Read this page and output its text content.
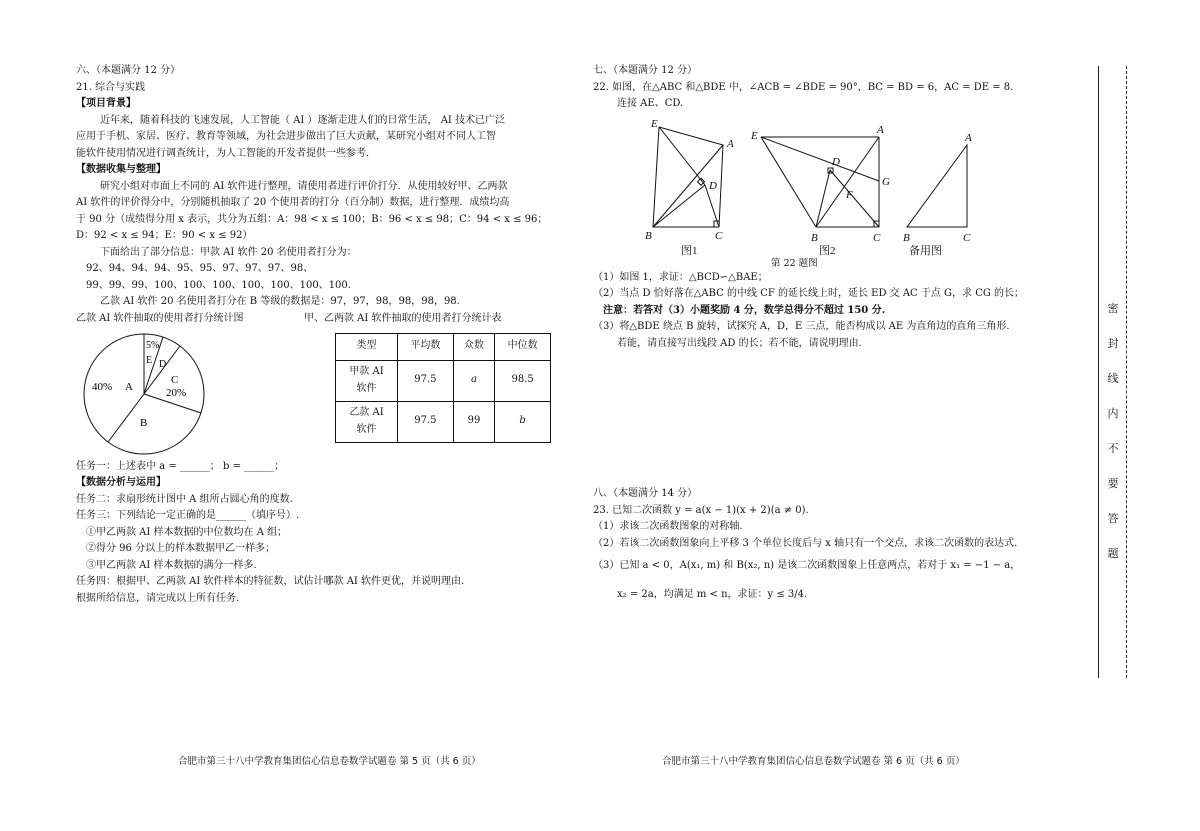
六、（本题满分 12 分）
21. 综合与实践
【项目背景】
近年来，随着科技的飞速发展，人工智能（ AI ）逐渐走进人们的日常生活， AI 技术已广泛
应用于手机、家居、医疗、教育等领域，为社会进步做出了巨大贡献，某研究小组对不同人工智
能软件使用情况进行调查统计，为人工智能的开发者提供一些参考.
【数据收集与整理】
研究小组对市面上不同的 AI 软件进行整理，请使用者进行评价打分．从使用较好甲、乙两款
AI 软件的评价得分中，分别随机抽取了 20 个使用者的打分（百分制）数据，进行整理．成绩均高
于 90 分（成绩得分用 x 表示，共分为五组：A：98 < x ≤ 100；B：96 < x ≤ 98；C：94 < x ≤ 96；
D：92 < x ≤ 94；E：90 < x ≤ 92）
下面给出了部分信息：甲款 AI 软件 20 名使用者打分为：
92、94、94、94、95、95、97、97、97、98、
99、99、99、100、100、100、100、100、100、100.
乙款 AI 软件 20 名使用者打分在 B 等级的数据是：97，97，98，98，98，98.
乙款 AI 软件抽取的使用者打分统计图	甲、乙两款 AI 软件抽取的使用者打分统计表
40% A
B
C
20%
D
E
5%	类型	平均数	众数	中位数
甲款 AI
软件	97.5	a	98.5
乙款 AI
软件	97.5	99	b
任务一：上述表中 a = ______； b = ______；
【数据分析与运用】
任务二：求扇形统计图中 A 组所占圆心角的度数.
任务三：下列结论一定正确的是______（填序号）.
①甲乙两款 AI 样本数据的中位数均在 A 组；
②得分 96 分以上的样本数据甲乙一样多；
③甲乙两款 AI 样本数据的满分一样多.
任务四：根据甲、乙两款 AI 软件样本的特征数，试估计哪款 AI 软件更优，并说明理由.
根据所给信息，请完成以上所有任务.
七、（本题满分 12 分）
22. 如图，在△ABC 和△BDE 中，∠ACB = ∠BDE = 90°，BC = BD = 6，AC = DE = 8.
连接 AE、CD.
E
A
D
B	C
E	A
D
G
F
B	C
A
B	C
图1	图2	备用图
第 22 题图
（1）如图 1，求证：△BCD∽△BAE；
（2）当点 D 恰好落在△ABC 的中线 CF 的延长线上时，延长 ED 交 AC 于点 G，求 CG 的长；
注意：若答对（3）小题奖励 4 分，数学总得分不超过 150 分.
（3）将△BDE 绕点 B 旋转，试探究 A，D，E 三点，能否构成以 AE 为直角边的直角三角形.
若能，请直接写出线段 AD 的长；若不能，请说明理由.
八、（本题满分 14 分）
23. 已知二次函数 y = a(x − 1)(x + 2)(a ≠ 0).
（1）求该二次函数图象的对称轴.
（2）若该二次函数图象向上平移 3 个单位长度后与 x 轴只有一个交点，求该二次函数的表达式.
（3）已知 a < 0，A(x₁, m) 和 B(x₂, n) 是该二次函数图象上任意两点，若对于 x₁ = −1 − a，
x₂ = 2a，均满足 m < n，求证：y ≤ 3/4.
密
封
线
内
不
要
答
题
合肥市第三十八中学教育集团信心信息卷数学试题卷 第 5 页（共 6 页）	合肥市第三十八中学教育集团信心信息卷数学试题卷 第 6 页（共 6 页）
